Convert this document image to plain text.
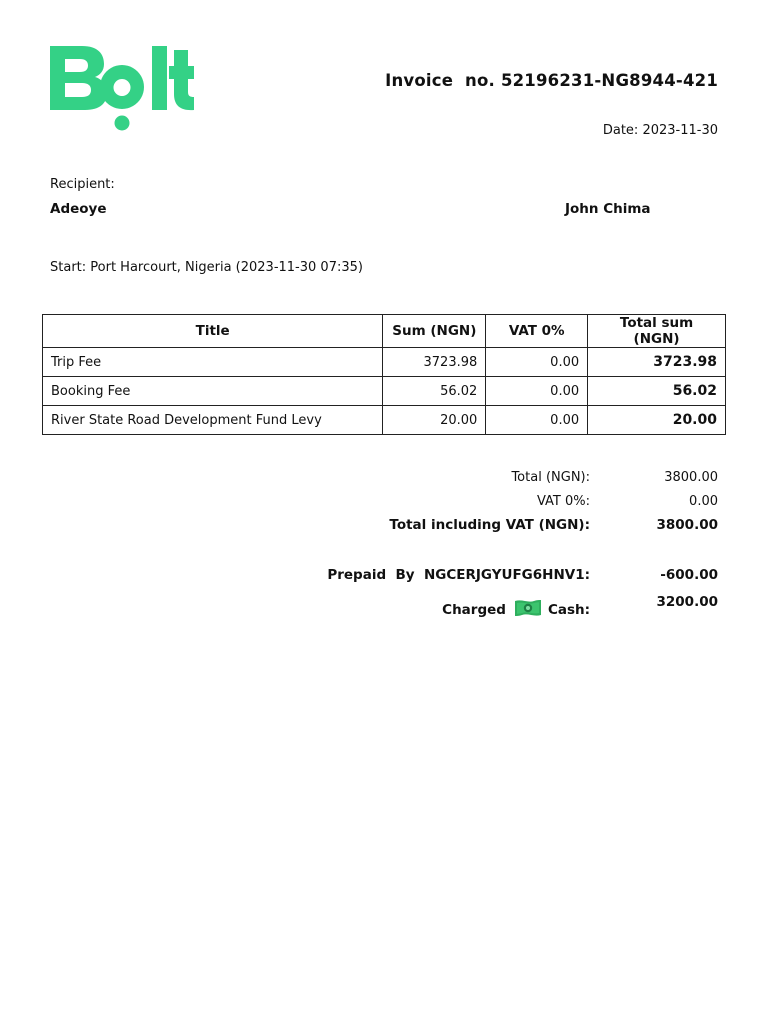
Invoice  no. 52196231-NG8944-421
Date: 2023-11-30
Recipient:
Adeoye	John Chima
Start: Port Harcourt, Nigeria (2023-11-30 07:35)
Title	Sum (NGN)	VAT 0%	Total sum (NGN)
Trip Fee	3723.98	0.00	3723.98
Booking Fee	56.02	0.00	56.02
River State Road Development Fund Levy	20.00	0.00	20.00
Total (NGN):	3800.00
VAT 0%:	0.00
Total including VAT (NGN):	3800.00
Prepaid  By  NGCERJGYUFG6HNV1:	-600.00
Charged	Cash:	3200.00
